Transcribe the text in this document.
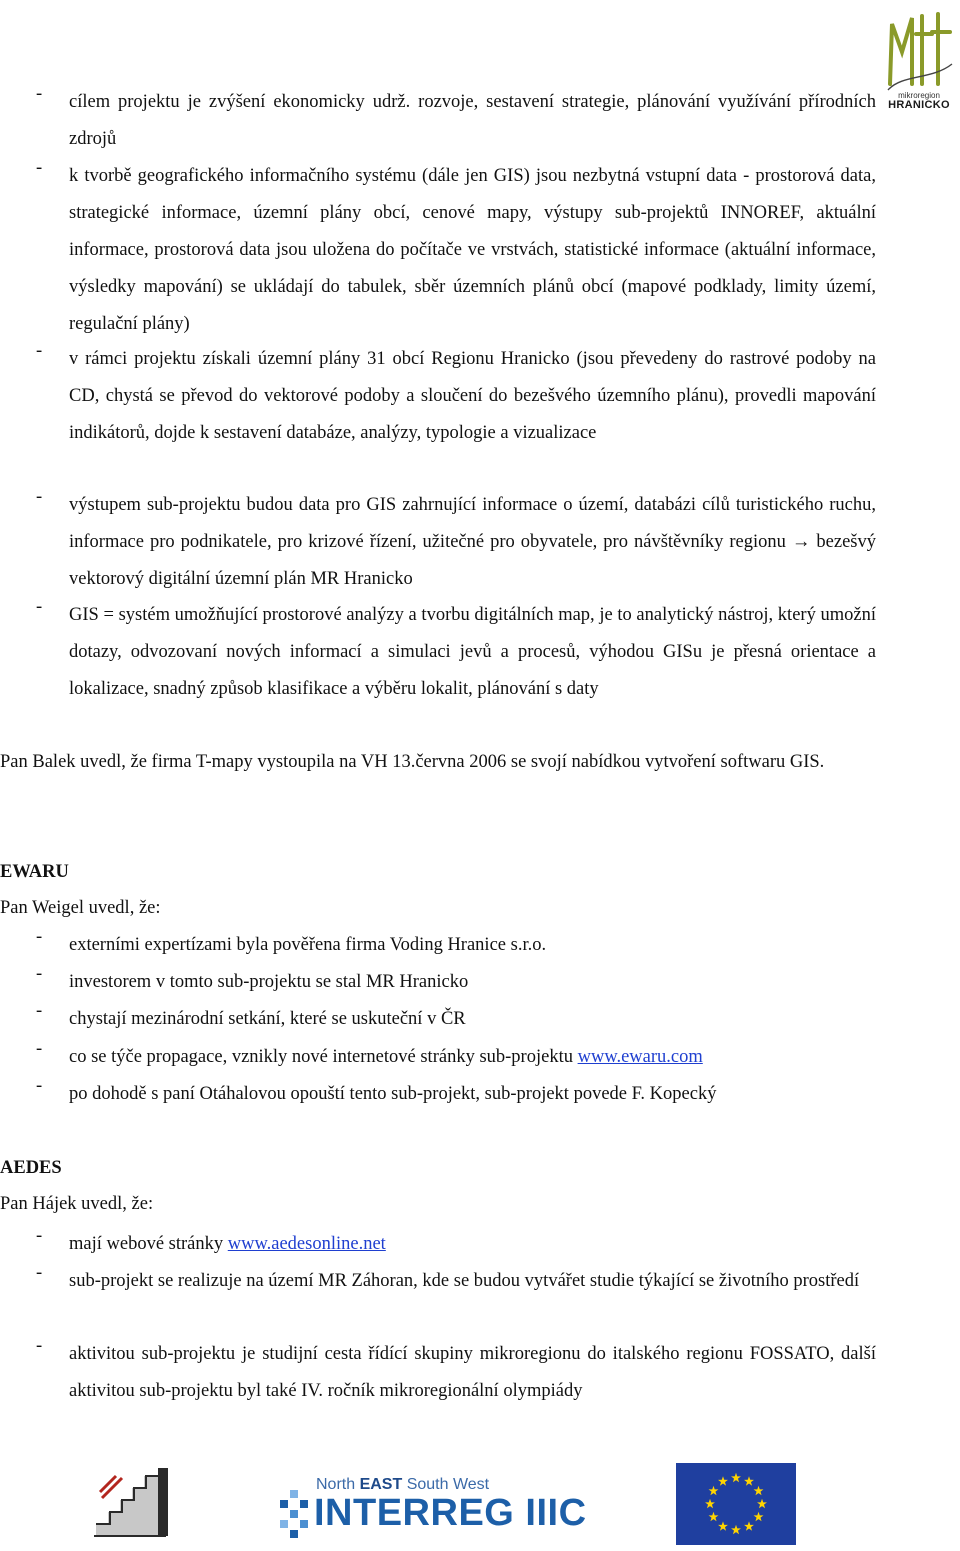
mikroregion
HRANICKO
- cílem projektu je zvýšení ekonomicky udrž. rozvoje, sestavení strategie, plánování využívání přírodních zdrojů
- k tvorbě geografického informačního systému (dále jen GIS) jsou nezbytná vstupní data - prostorová data, strategické informace, územní plány obcí, cenové mapy, výstupy sub-projektů INNOREF, aktuální informace, prostorová data jsou uložena do počítače ve vrstvách, statistické informace (aktuální informace, výsledky mapování) se ukládají do tabulek, sběr územních plánů obcí (mapové podklady, limity území, regulační plány)
- v rámci projektu získali územní plány 31 obcí Regionu Hranicko (jsou převedeny do rastrové podoby na CD, chystá se převod do vektorové podoby a sloučení do bezešvého územního plánu), provedli mapování indikátorů, dojde k sestavení databáze, analýzy, typologie a vizualizace
- výstupem sub-projektu budou data pro GIS zahrnující informace o území, databázi cílů turistického ruchu, informace pro podnikatele, pro krizové řízení, užitečné pro obyvatele, pro návštěvníky regionu → bezešvý vektorový digitální územní plán MR Hranicko
- GIS = systém umožňující prostorové analýzy a tvorbu digitálních map, je to analytický nástroj, který umožní dotazy, odvozovaní nových informací a simulaci jevů a procesů, výhodou GISu je přesná orientace a lokalizace, snadný způsob klasifikace a výběru lokalit, plánování s daty
Pan Balek uvedl, že firma T-mapy vystoupila na VH 13.června 2006 se svojí nabídkou vytvoření softwaru GIS.
EWARU
Pan Weigel uvedl, že:
- externími expertízami byla pověřena firma Voding Hranice s.r.o.
- investorem v tomto sub-projektu se stal MR Hranicko
- chystají mezinárodní setkání, které se uskuteční v ČR
- co se týče propagace, vznikly nové internetové stránky sub-projektu www.ewaru.com
- po dohodě s paní Otáhalovou opouští tento sub-projekt, sub-projekt povede F. Kopecký
AEDES
Pan Hájek uvedl, že:
- mají webové stránky www.aedesonline.net
- sub-projekt se realizuje na území MR Záhoran, kde se budou vytvářet studie týkající se životního prostředí
- aktivitou sub-projektu je studijní cesta řídící skupiny mikroregionu do italského regionu FOSSATO, další aktivitou sub-projektu byl také IV. ročník mikroregionální olympiády
North EAST South West
INTERREG IIIC
